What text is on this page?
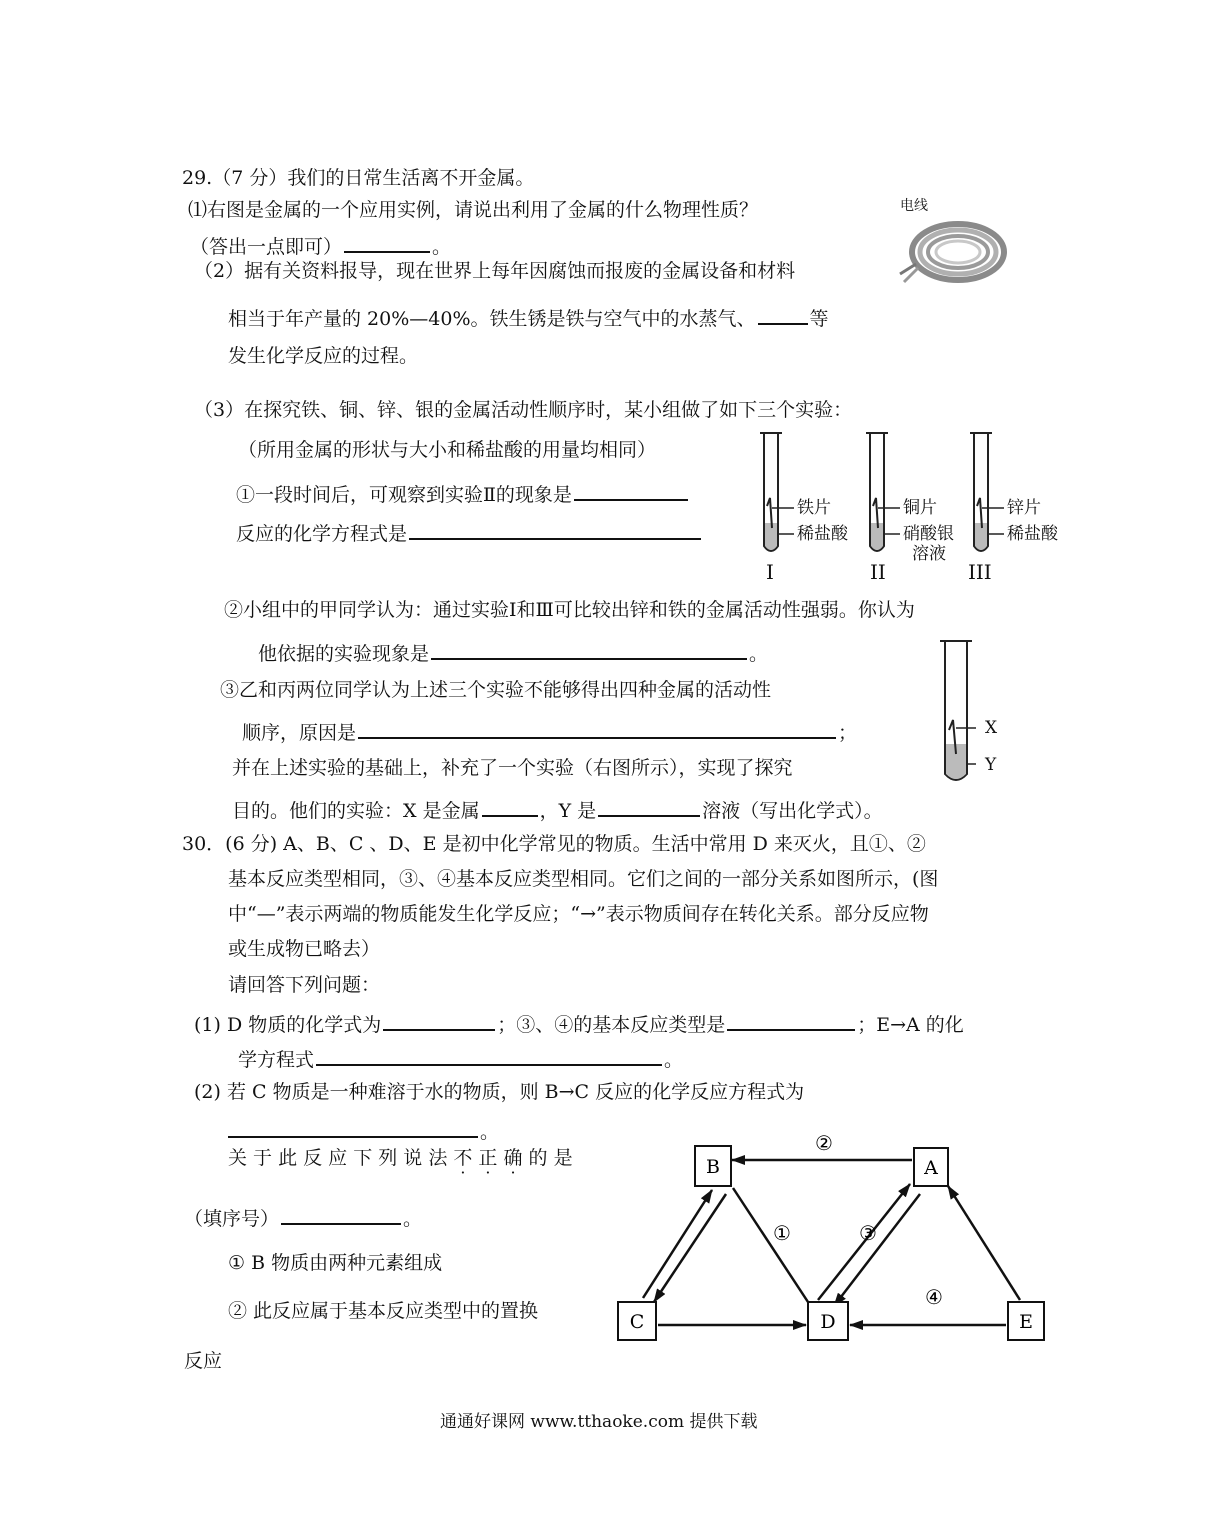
29.（7 分）我们的日常生活离不开金属。
⑴右图是金属的一个应用实例，请说出利用了金属的什么物理性质？
（答出一点即可）	。
电线
（2）据有关资料报导，现在世界上每年因腐蚀而报废的金属设备和材料
相当于年产量的 20%—40%。铁生锈是铁与空气中的水蒸气、	等
发生化学反应的过程。
（3）在探究铁、铜、锌、银的金属活动性顺序时，某小组做了如下三个实验：
（所用金属的形状与大小和稀盐酸的用量均相同）
①一段时间后，可观察到实验Ⅱ的现象是
反应的化学方程式是
铁片
稀盐酸
I
铜片
硝酸银
溶液
II
锌片
稀盐酸
III
②小组中的甲同学认为：通过实验Ⅰ和Ⅲ可比较出锌和铁的金属活动性强弱。你认为
他依据的实验现象是	。
③乙和丙两位同学认为上述三个实验不能够得出四种金属的活动性
顺序，原因是	；
并在上述实验的基础上，补充了一个实验（右图所示），实现了探究
目的。他们的实验：X 是金属	，Y 是	溶液（写出化学式）。
X
Y
30．(6 分) A、B、C 、D、E 是初中化学常见的物质。生活中常用 D 来灭火，且①、②
基本反应类型相同，③、④基本反应类型相同。它们之间的一部分关系如图所示，(图
中“—”表示两端的物质能发生化学反应；“→”表示物质间存在转化关系。部分反应物
或生成物已略去）
请回答下列问题：
(1) D 物质的化学式为	；③、④的基本反应类型是	；E→A 的化
学方程式	。
(2) 若 C 物质是一种难溶于水的物质，则 B→C 反应的化学反应方程式为
。
关 于 此 反 应 下 列 说 法 不 正 确 的 是
（填序号）	。
① B 物质由两种元素组成
② 此反应属于基本反应类型中的置换
反应
B	A
C	D	E
②
①	③
④
通通好课网 www.tthaoke.com 提供下载
